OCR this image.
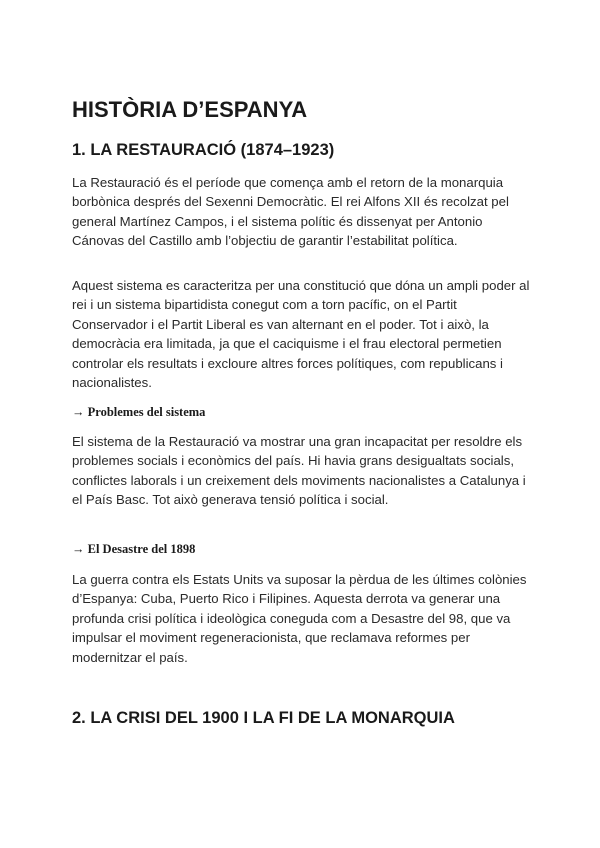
HISTÒRIA D’ESPANYA
1. LA RESTAURACIÓ (1874–1923)

La Restauració és el període que comença amb el retorn de la monarquia borbònica després del Sexenni Democràtic. El rei Alfons XII és recolzat pel general Martínez Campos, i el sistema polític és dissenyat per Antonio Cánovas del Castillo amb l’objectiu de garantir l’estabilitat política.

Aquest sistema es caracteritza per una constitució que dóna un ampli poder al rei i un sistema bipartidista conegut com a torn pacífic, on el Partit Conservador i el Partit Liberal es van alternant en el poder. Tot i això, la democràcia era limitada, ja que el caciquisme i el frau electoral permetien controlar els resultats i excloure altres forces polítiques, com republicans i nacionalistes.

→ Problemes del sistema

El sistema de la Restauració va mostrar una gran incapacitat per resoldre els problemes socials i econòmics del país. Hi havia grans desigualtats socials, conflictes laborals i un creixement dels moviments nacionalistes a Catalunya i el País Basc. Tot això generava tensió política i social.

→ El Desastre del 1898

La guerra contra els Estats Units va suposar la pèrdua de les últimes colònies d’Espanya: Cuba, Puerto Rico i Filipines. Aquesta derrota va generar una profunda crisi política i ideològica coneguda com a Desastre del 98, que va impulsar el moviment regeneracionista, que reclamava reformes per modernitzar el país.

2. LA CRISI DEL 1900 I LA FI DE LA MONARQUIA
